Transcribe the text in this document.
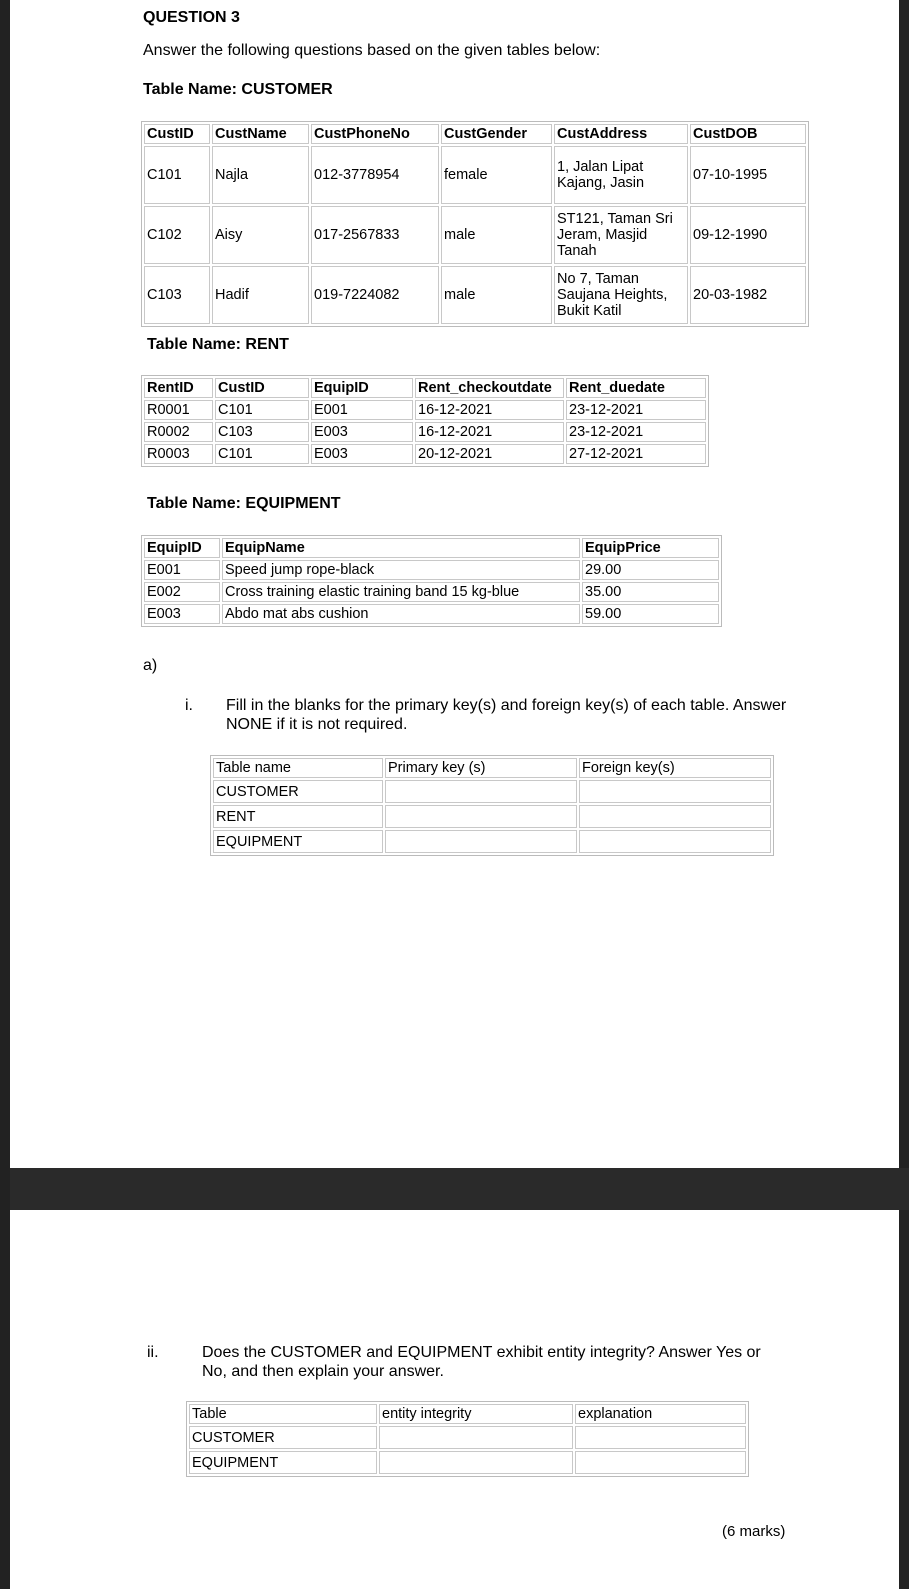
QUESTION 3
Answer the following questions based on the given tables below:
Table Name: CUSTOMER
CustID	CustName	CustPhoneNo	CustGender	CustAddress	CustDOB
C101	Najla	012-3778954	female	1, Jalan Lipat Kajang, Jasin	07-10-1995
C102	Aisy	017-2567833	male	ST121, Taman Sri Jeram, Masjid Tanah	09-12-1990
C103	Hadif	019-7224082	male	No 7, Taman Saujana Heights, Bukit Katil	20-03-1982
Table Name: RENT
RentID	CustID	EquipID	Rent_checkoutdate	Rent_duedate
R0001	C101	E001	16-12-2021	23-12-2021
R0002	C103	E003	16-12-2021	23-12-2021
R0003	C101	E003	20-12-2021	27-12-2021
Table Name: EQUIPMENT
EquipID	EquipName	EquipPrice
E001	Speed jump rope-black	29.00
E002	Cross training elastic training band 15 kg-blue	35.00
E003	Abdo mat abs cushion	59.00
a)
i. Fill in the blanks for the primary key(s) and foreign key(s) of each table. Answer
NONE if it is not required.
Table name	Primary key (s)	Foreign key(s)
CUSTOMER		
RENT		
EQUIPMENT		
ii.	Does the CUSTOMER and EQUIPMENT exhibit entity integrity? Answer Yes or
No, and then explain your answer.
Table	entity integrity	explanation
CUSTOMER		
EQUIPMENT		
(6 marks)
